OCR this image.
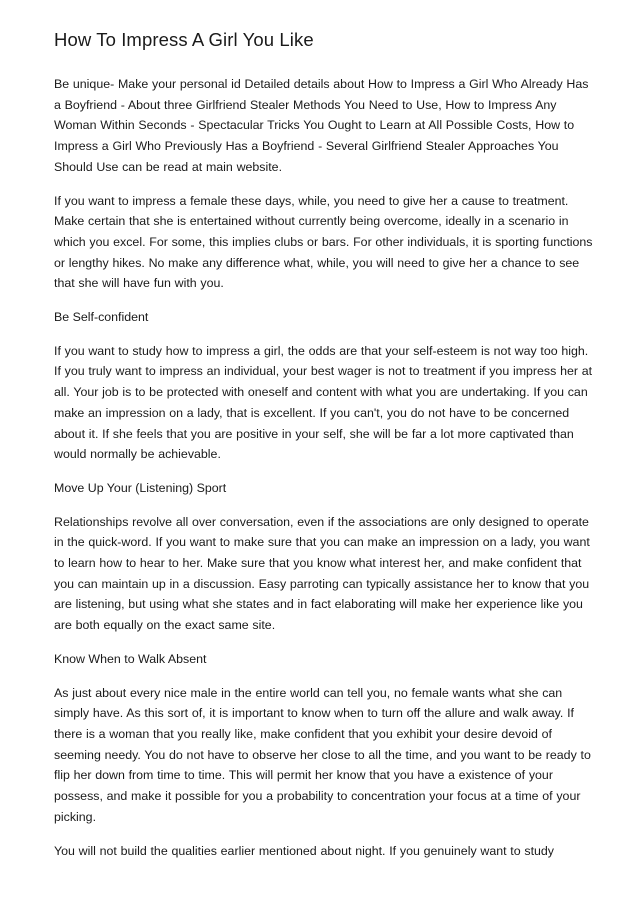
How To Impress A Girl You Like

Be unique- Make your personal id Detailed details about How to Impress a Girl Who Already Has a Boyfriend - About three Girlfriend Stealer Methods You Need to Use, How to Impress Any Woman Within Seconds - Spectacular Tricks You Ought to Learn at All Possible Costs, How to Impress a Girl Who Previously Has a Boyfriend - Several Girlfriend Stealer Approaches You Should Use can be read at main website.

If you want to impress a female these days, while, you need to give her a cause to treatment. Make certain that she is entertained without currently being overcome, ideally in a scenario in which you excel. For some, this implies clubs or bars. For other individuals, it is sporting functions or lengthy hikes. No make any difference what, while, you will need to give her a chance to see that she will have fun with you.

Be Self-confident

If you want to study how to impress a girl, the odds are that your self-esteem is not way too high. If you truly want to impress an individual, your best wager is not to treatment if you impress her at all. Your job is to be protected with oneself and content with what you are undertaking. If you can make an impression on a lady, that is excellent. If you can't, you do not have to be concerned about it. If she feels that you are positive in your self, she will be far a lot more captivated than would normally be achievable.

Move Up Your (Listening) Sport

Relationships revolve all over conversation, even if the associations are only designed to operate in the quick-word. If you want to make sure that you can make an impression on a lady, you want to learn how to hear to her. Make sure that you know what interest her, and make confident that you can maintain up in a discussion. Easy parroting can typically assistance her to know that you are listening, but using what she states and in fact elaborating will make her experience like you are both equally on the exact same site.

Know When to Walk Absent

As just about every nice male in the entire world can tell you, no female wants what she can simply have. As this sort of, it is important to know when to turn off the allure and walk away. If there is a woman that you really like, make confident that you exhibit your desire devoid of seeming needy. You do not have to observe her close to all the time, and you want to be ready to flip her down from time to time. This will permit her know that you have a existence of your possess, and make it possible for you a probability to concentration your focus at a time of your picking.

You will not build the qualities earlier mentioned about night. If you genuinely want to study
